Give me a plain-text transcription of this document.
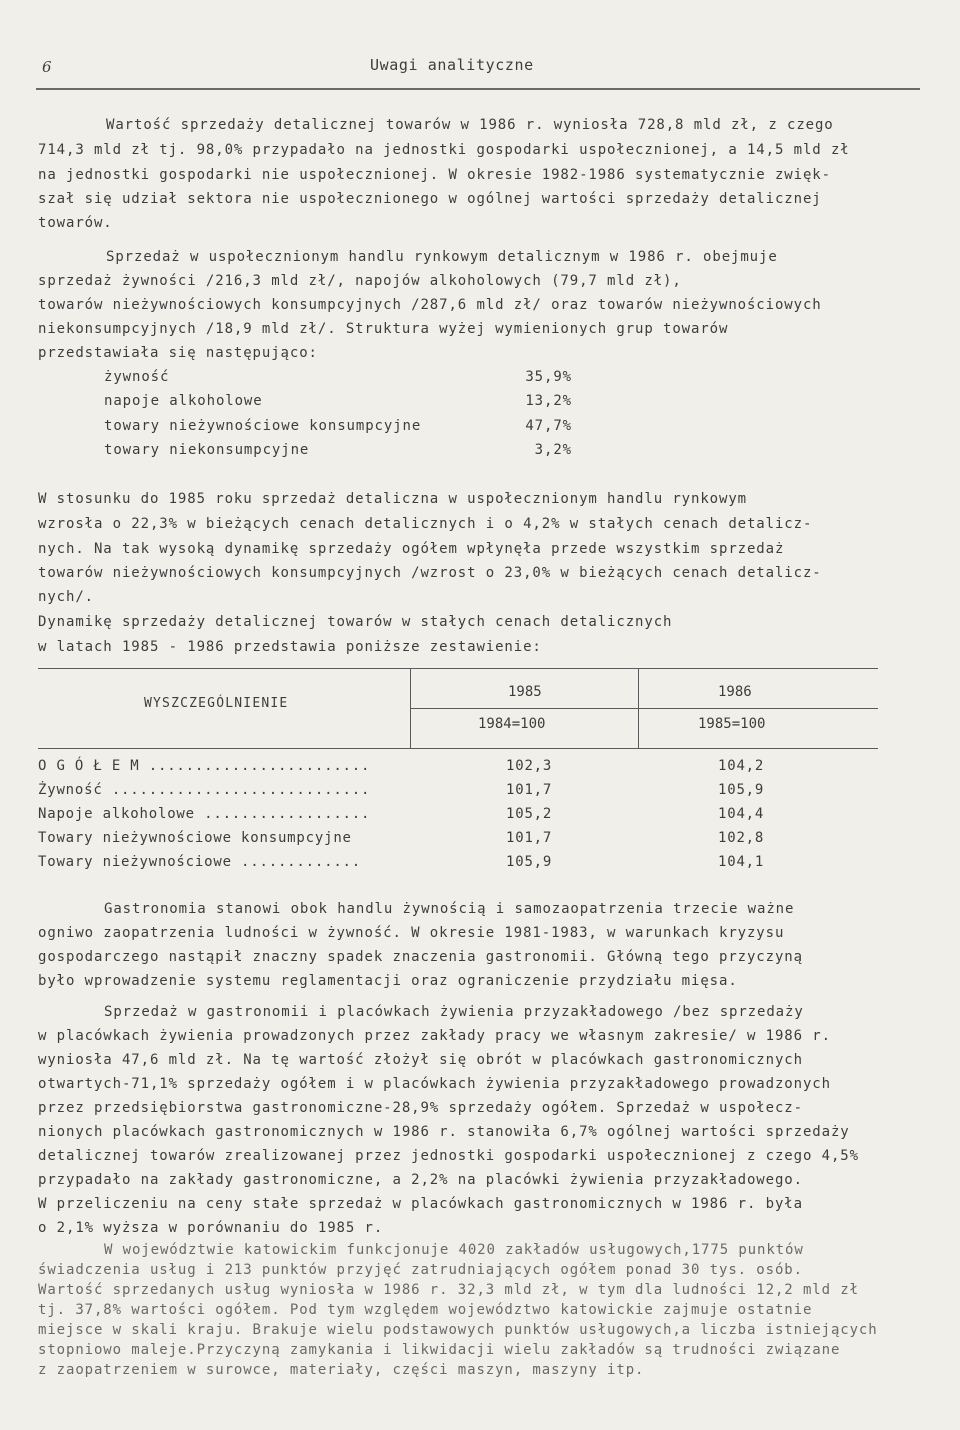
6	Uwagi analityczne
Wartość sprzedaży detalicznej towarów w 1986 r. wyniosła 728,8 mld zł, z czego
714,3 mld zł tj. 98,0% przypadało na jednostki gospodarki uspołecznionej, a 14,5 mld zł
na jednostki gospodarki nie uspołecznionej. W okresie 1982-1986 systematycznie zwięk-
szał się udział sektora nie uspołecznionego w ogólnej wartości sprzedaży detalicznej
towarów.
Sprzedaż w uspołecznionym handlu rynkowym detalicznym w 1986 r. obejmuje
sprzedaż żywności /216,3 mld zł/, napojów alkoholowych (79,7 mld zł),
towarów nieżywnościowych konsumpcyjnych /287,6 mld zł/ oraz towarów nieżywnościowych
niekonsumpcyjnych /18,9 mld zł/. Struktura wyżej wymienionych grup towarów
przedstawiała się następująco:
żywność	35,9%
napoje alkoholowe	13,2%
towary nieżywnościowe konsumpcyjne	47,7%
towary niekonsumpcyjne	3,2%
W stosunku do 1985 roku sprzedaż detaliczna w uspołecznionym handlu rynkowym
wzrosła o 22,3% w bieżących cenach detalicznych i o 4,2% w stałych cenach detalicz-
nych. Na tak wysoką dynamikę sprzedaży ogółem wpłynęła przede wszystkim sprzedaż
towarów nieżywnościowych konsumpcyjnych /wzrost o 23,0% w bieżących cenach detalicz-
nych/.
Dynamikę sprzedaży detalicznej towarów w stałych cenach detalicznych
w latach 1985 - 1986 przedstawia poniższe zestawienie:
WYSZCZEGÓLNIENIE
1985	1986
1984=100	1985=100
O G Ó Ł E M ........................	102,3	104,2
Żywność ............................	101,7	105,9
Napoje alkoholowe ..................	105,2	104,4
Towary nieżywnościowe konsumpcyjne	101,7	102,8
Towary nieżywnościowe .............	105,9	104,1
Gastronomia stanowi obok handlu żywnością i samozaopatrzenia trzecie ważne
ogniwo zaopatrzenia ludności w żywność. W okresie 1981-1983, w warunkach kryzysu
gospodarczego nastąpił znaczny spadek znaczenia gastronomii. Główną tego przyczyną
było wprowadzenie systemu reglamentacji oraz ograniczenie przydziału mięsa.
Sprzedaż w gastronomii i placówkach żywienia przyzakładowego /bez sprzedaży
w placówkach żywienia prowadzonych przez zakłady pracy we własnym zakresie/ w 1986 r.
wyniosła 47,6 mld zł. Na tę wartość złożył się obrót w placówkach gastronomicznych
otwartych-71,1% sprzedaży ogółem i w placówkach żywienia przyzakładowego prowadzonych
przez przedsiębiorstwa gastronomiczne-28,9% sprzedaży ogółem. Sprzedaż w uspołecz-
nionych placówkach gastronomicznych w 1986 r. stanowiła 6,7% ogólnej wartości sprzedaży
detalicznej towarów zrealizowanej przez jednostki gospodarki uspołecznionej z czego 4,5%
przypadało na zakłady gastronomiczne, a 2,2% na placówki żywienia przyzakładowego.
W przeliczeniu na ceny stałe sprzedaż w placówkach gastronomicznych w 1986 r. była
o 2,1% wyższa w porównaniu do 1985 r.
W województwie katowickim funkcjonuje 4020 zakładów usługowych,1775 punktów
świadczenia usług i 213 punktów przyjęć zatrudniających ogółem ponad 30 tys. osób.
Wartość sprzedanych usług wyniosła w 1986 r. 32,3 mld zł, w tym dla ludności 12,2 mld zł
tj. 37,8% wartości ogółem. Pod tym względem województwo katowickie zajmuje ostatnie
miejsce w skali kraju. Brakuje wielu podstawowych punktów usługowych,a liczba istniejących
stopniowo maleje.Przyczyną zamykania i likwidacji wielu zakładów są trudności związane
z zaopatrzeniem w surowce, materiały, części maszyn, maszyny itp.
